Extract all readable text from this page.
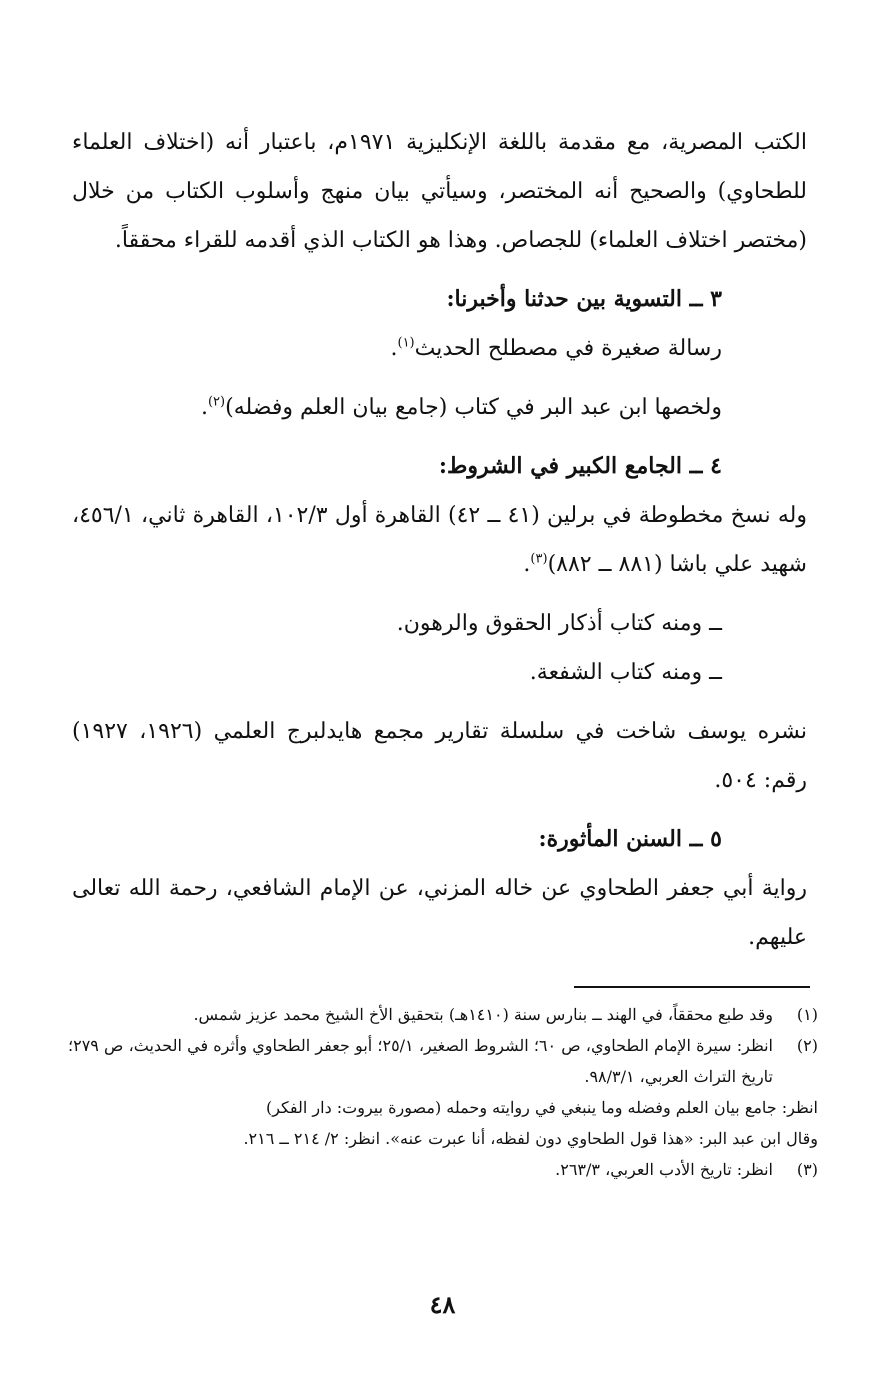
الكتب المصرية، مع مقدمة باللغة الإنكليزية ١٩٧١م، باعتبار أنه (اختلاف العلماء للطحاوي) والصحيح أنه المختصر، وسيأتي بيان منهج وأسلوب الكتاب من خلال (مختصر اختلاف العلماء) للجصاص. وهذا هو الكتاب الذي أقدمه للقراء محققاً.

٣ ــ التسوية بين حدثنا وأخبرنا:

رسالة صغيرة في مصطلح الحديث$^{(١)}$.

ولخصها ابن عبد البر في كتاب (جامع بيان العلم وفضله)$^{(٢)}$.

٤ ــ الجامع الكبير في الشروط:

وله نسخ مخطوطة في برلين (٤١ ــ ٤٢) القاهرة أول ١٠٢/٣، القاهرة ثاني، ٤٥٦/١، شهيد علي باشا (٨٨١ ــ ٨٨٢)$^{(٣)}$.

ــ ومنه كتاب أذكار الحقوق والرهون.

ــ ومنه كتاب الشفعة.

نشره يوسف شاخت في سلسلة تقارير مجمع هايدلبرج العلمي (١٩٢٦، ١٩٢٧) رقم: ٥٠٤.

٥ ــ السنن المأثورة:

رواية أبي جعفر الطحاوي عن خاله المزني، عن الإمام الشافعي، رحمة الله تعالى عليهم.

(١)
وقد طبع محققاً، في الهند ــ بنارس سنة (١٤١٠هـ) بتحقيق الأخ الشيخ محمد عزيز شمس.
(٢)
انظر: سيرة الإمام الطحاوي، ص ٦٠؛ الشروط الصغير، ٢٥/١؛ أبو جعفر الطحاوي وأثره في الحديث، ص ٢٧٩؛ تاريخ التراث العربي، ٩٨/٣/١.
انظر: جامع بيان العلم وفضله وما ينبغي في روايته وحمله (مصورة بيروت: دار الفكر)
وقال ابن عبد البر: «هذا قول الطحاوي دون لفظه، أنا عبرت عنه». انظر: ٢/ ٢١٤ ــ ٢١٦.
(٣)
انظر: تاريخ الأدب العربي، ٢٦٣/٣.
٤٨
